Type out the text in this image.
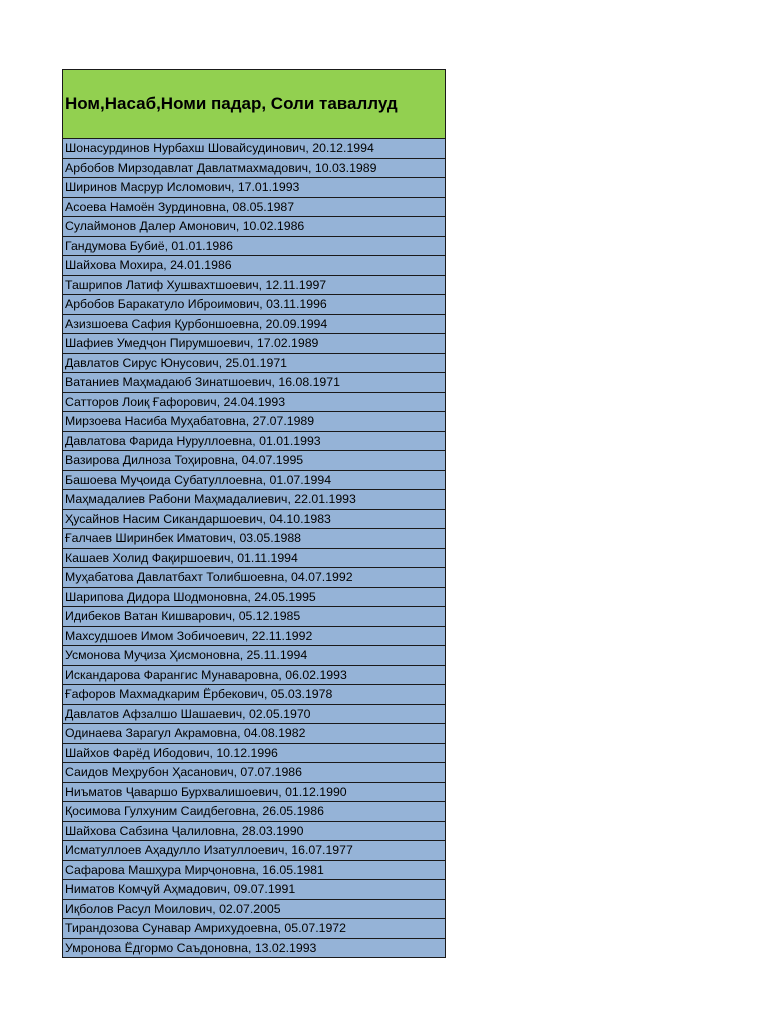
Ном,Насаб,Номи падар, Соли таваллуд
Шонасурдинов Нурбахш Шовайсудинович, 20.12.1994
Арбобов Мирзодавлат Давлатмахмадович, 10.03.1989
Ширинов Масрур Исломович, 17.01.1993
Асоева Намоён Зурдиновна, 08.05.1987
Сулаймонов Далер Амонович, 10.02.1986
Гандумова Бубиё, 01.01.1986
Шайхова Мохира, 24.01.1986
Ташрипов Латиф Хушвахтшоевич, 12.11.1997
Арбобов Баракатуло Иброимович, 03.11.1996
Азизшоева Сафия Қурбоншоевна, 20.09.1994
Шафиев Умедҷон Пирумшоевич, 17.02.1989
Давлатов Сирус Юнусович, 25.01.1971
Ватаниев Маҳмадаюб Зинатшоевич, 16.08.1971
Сатторов Лоиқ Ғафорович, 24.04.1993
Мирзоева Насиба Муҳабатовна, 27.07.1989
Давлатова Фарида Нуруллоевна, 01.01.1993
Вазирова Дилноза Тоҳировна, 04.07.1995
Башоева Муҷоида Субатуллоевна, 01.07.1994
Маҳмадалиев Рабони Маҳмадалиевич, 22.01.1993
Ҳусайнов Насим Сикандаршоевич, 04.10.1983
Ғалчаев Ширинбек Иматович, 03.05.1988
Кашаев Холид Фақиршоевич, 01.11.1994
Муҳабатова Давлатбахт Толибшоевна, 04.07.1992
Шарипова Дидора Шодмоновна, 24.05.1995
Идибеков Ватан Кишварович, 05.12.1985
Махсудшоев Имом Зобичоевич, 22.11.1992
Усмонова Муҷиза Ҳисмоновна, 25.11.1994
Искандарова Фарангис Мунаваровна, 06.02.1993
Ғафоров Махмадкарим Ёрбекович, 05.03.1978
Давлатов Афзалшо Шашаевич, 02.05.1970
Одинаева Зарагул Акрамовна, 04.08.1982
Шайхов Фарёд Ибодович, 10.12.1996
Саидов Меҳрубон Ҳасанович, 07.07.1986
Ниъматов Ҷаваршо Бурхвалишоевич, 01.12.1990
Қосимова Гулхуним Саидбеговна, 26.05.1986
Шайхова Сабзина Ҷалиловна, 28.03.1990
Исматуллоев Аҳадулло Изатуллоевич, 16.07.1977
Сафарова Машҳура Мирҷоновна, 16.05.1981
Ниматов Комҷуй Аҳмадович, 09.07.1991
Иқболов Расул Моилович, 02.07.2005
Тирандозова Сунавар Амрихудоевна, 05.07.1972
Умронова Ёдгормо Саъдоновна, 13.02.1993
